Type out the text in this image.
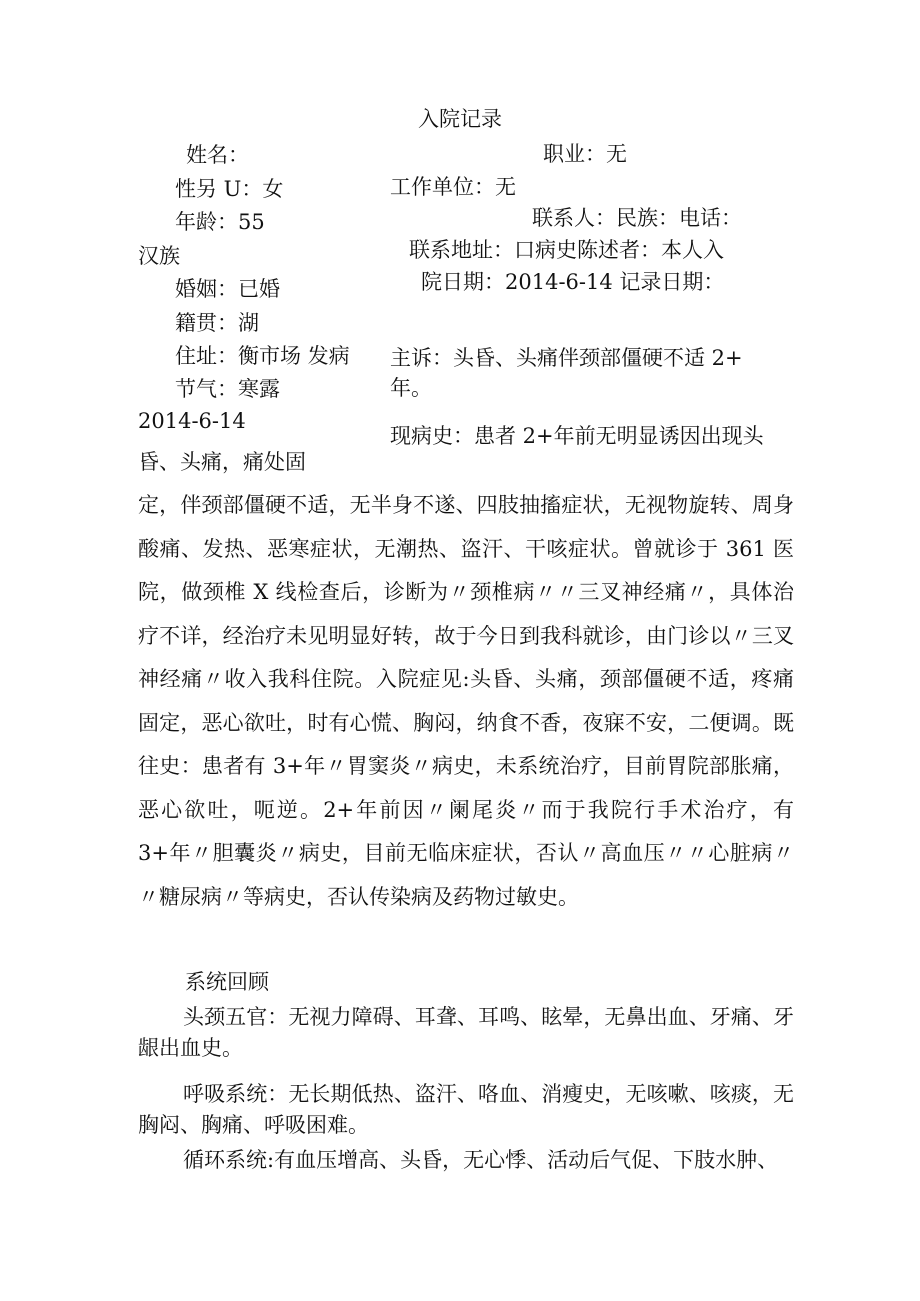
入院记录
姓名：
性另 U：女
年龄：55
汉族
婚姻：已婚
籍贯：湖
住址：衡市场 发病
节气：寒露
2014-6-14
昏、头痛，痛处固
职业：无
工作单位：无
联系人：民族：电话：
联系地址：口病史陈述者：本人入
院日期：2014-6-14 记录日期：
主诉：头昏、头痛伴颈部僵硬不适 2+
年。
现病史：患者 2+年前无明显诱因出现头
定，伴颈部僵硬不适，无半身不遂、四肢抽搐症状，无视物旋转、周身酸痛、发热、恶寒症状，无潮热、盗汗、干咳症状。曾就诊于 361 医院，做颈椎 X 线检查后，诊断为〃颈椎病〃〃三叉神经痛〃，具体治疗不详，经治疗未见明显好转，故于今日到我科就诊，由门诊以〃三叉神经痛〃收入我科住院。入院症见:头昏、头痛，颈部僵硬不适，疼痛固定，恶心欲吐，时有心慌、胸闷，纳食不香，夜寐不安，二便调。既往史：患者有 3+年〃胃窦炎〃病史，未系统治疗，目前胃院部胀痛，恶心欲吐，呃逆。2+年前因〃阑尾炎〃而于我院行手术治疗，有 3+年〃胆囊炎〃病史，目前无临床症状，否认〃高血压〃〃心脏病〃〃糖尿病〃等病史，否认传染病及药物过敏史。
系统回顾
头颈五官：无视力障碍、耳聋、耳鸣、眩晕，无鼻出血、牙痛、牙龈出血史。
呼吸系统：无长期低热、盗汗、咯血、消瘦史，无咳嗽、咳痰，无胸闷、胸痛、呼吸困难。
循环系统:有血压增高、头昏，无心悸、活动后气促、下肢水肿、
